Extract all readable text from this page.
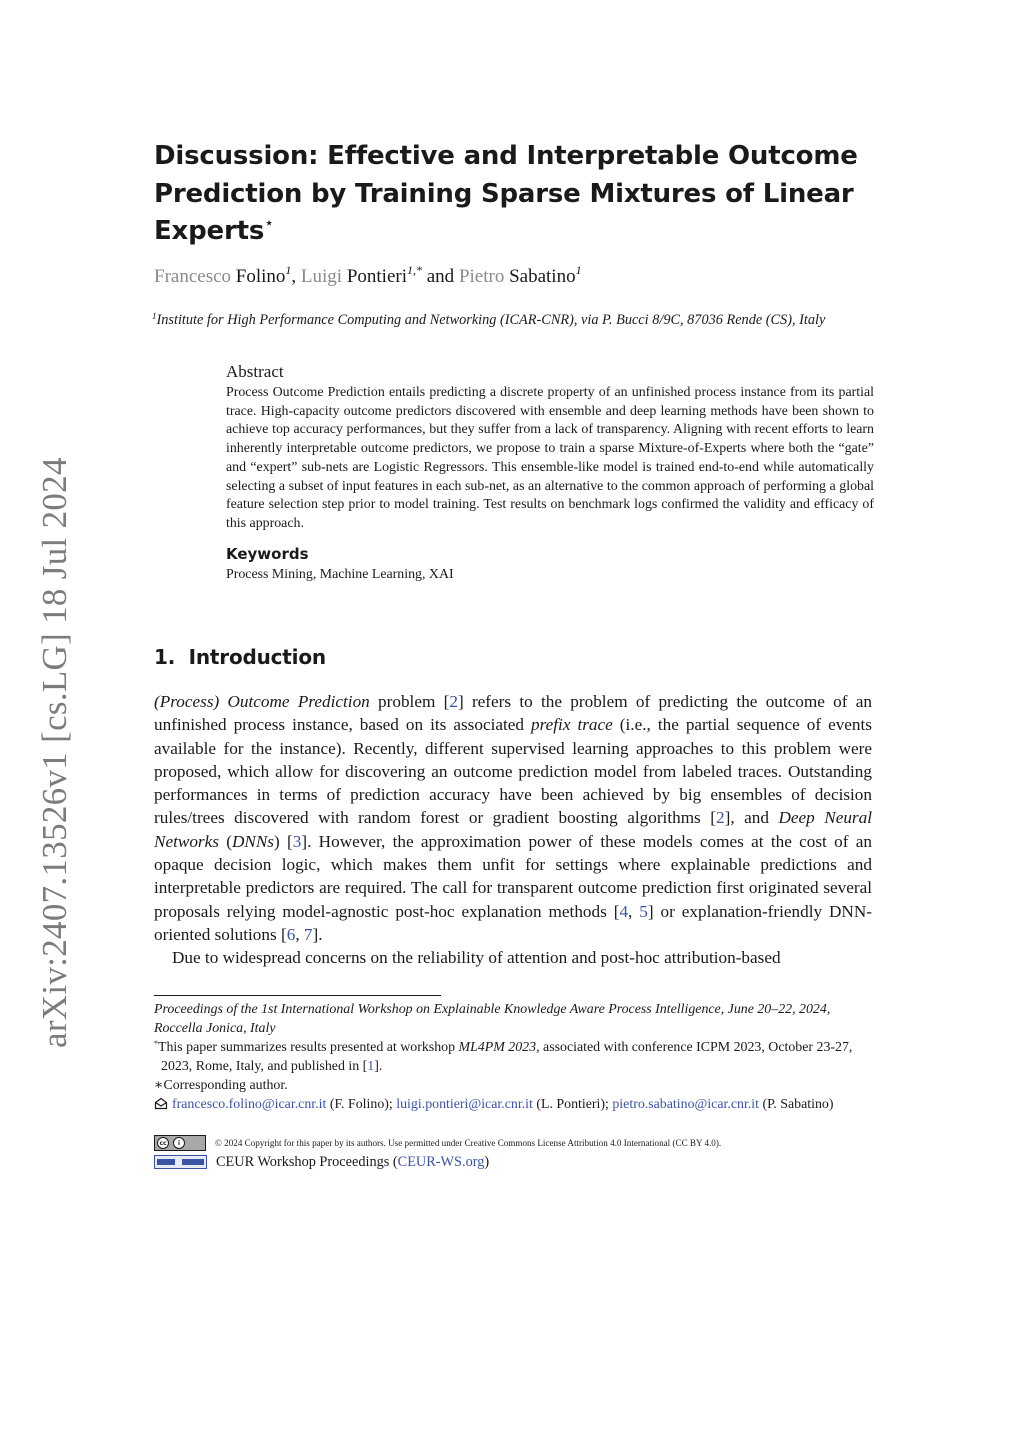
arXiv:2407.13526v1 [cs.LG] 18 Jul 2024
Discussion: Effective and Interpretable Outcome Prediction by Training Sparse Mixtures of Linear Experts⋆
Francesco Folino$^1$, Luigi Pontieri$^{1,*}$ and Pietro Sabatino$^1$
$^1$Institute for High Performance Computing and Networking (ICAR-CNR), via P. Bucci 8/9C, 87036 Rende (CS), Italy
Abstract
Process Outcome Prediction entails predicting a discrete property of an unfinished process instance from its partial trace. High-capacity outcome predictors discovered with ensemble and deep learning methods have been shown to achieve top accuracy performances, but they suffer from a lack of transparency. Aligning with recent efforts to learn inherently interpretable outcome predictors, we propose to train a sparse Mixture-of-Experts where both the “gate” and “expert” sub-nets are Logistic Regressors. This ensemble-like model is trained end-to-end while automatically selecting a subset of input features in each sub-net, as an alternative to the common approach of performing a global feature selection step prior to model training. Test results on benchmark logs confirmed the validity and efficacy of this approach.
Keywords
Process Mining, Machine Learning, XAI
1. Introduction

(Process) Outcome Prediction problem [2] refers to the problem of predicting the outcome of an unfinished process instance, based on its associated prefix trace (i.e., the partial sequence of events available for the instance). Recently, different supervised learning approaches to this problem were proposed, which allow for discovering an outcome prediction model from labeled traces. Outstanding performances in terms of prediction accuracy have been achieved by big ensembles of decision rules/trees discovered with random forest or gradient boosting algorithms [2], and Deep Neural Networks (DNNs) [3]. However, the approximation power of these models comes at the cost of an opaque decision logic, which makes them unfit for settings where explainable predictions and interpretable predictors are required. The call for transparent outcome prediction first originated several proposals relying model-agnostic post-hoc explanation methods [4, 5] or explanation-friendly DNN-oriented solutions [6, 7].

Due to widespread concerns on the reliability of attention and post-hoc attribution-based

Proceedings of the 1st International Workshop on Explainable Knowledge Aware Process Intelligence, June 20–22, 2024, Roccella Jonica, Italy
*This paper summarizes results presented at workshop ML4PM 2023, associated with conference ICPM 2023, October 23-27, 2023, Rome, Italy, and published in [1].
∗Corresponding author.
francesco.folino@icar.cnr.it (F. Folino); luigi.pontieri@icar.cnr.it (L. Pontieri); pietro.sabatino@icar.cnr.it (P. Sabatino)
cc	i	© 2024 Copyright for this paper by its authors. Use permitted under Creative Commons License Attribution 4.0 International (CC BY 4.0).
CEUR Workshop Proceedings (CEUR-WS.org)
